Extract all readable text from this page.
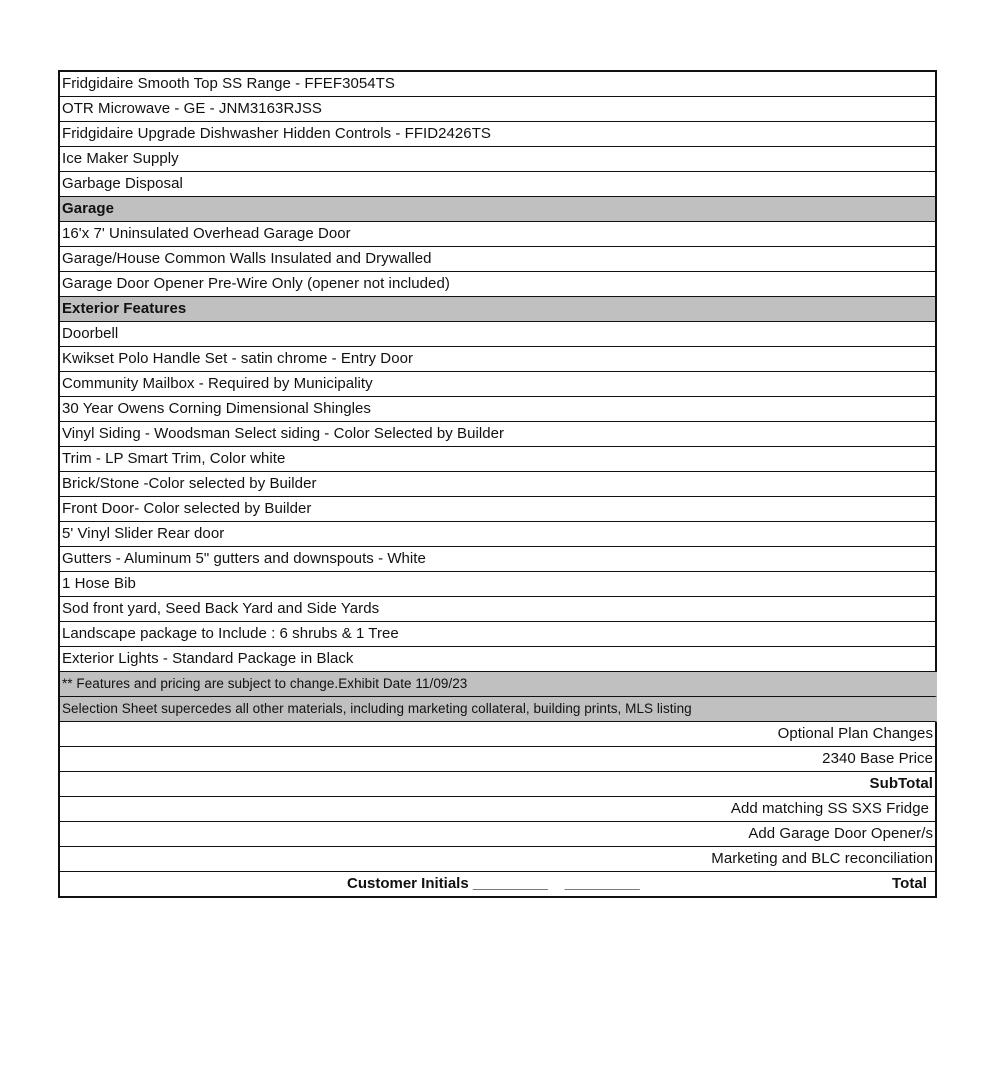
Fridgidaire Smooth Top SS Range - FFEF3054TS
OTR Microwave - GE - JNM3163RJSS
Fridgidaire Upgrade Dishwasher Hidden Controls - FFID2426TS
Ice Maker Supply
Garbage Disposal
Garage
16'x 7' Uninsulated Overhead Garage Door
Garage/House Common Walls Insulated and Drywalled
Garage Door Opener Pre-Wire Only (opener not included)
Exterior Features
Doorbell
Kwikset Polo Handle Set - satin chrome - Entry Door
Community Mailbox - Required by Municipality
30 Year Owens Corning Dimensional Shingles
Vinyl Siding - Woodsman Select siding - Color Selected by Builder
Trim - LP Smart Trim, Color white
Brick/Stone -Color selected by Builder
Front Door- Color selected by Builder
5' Vinyl Slider Rear door
Gutters - Aluminum 5" gutters and downspouts - White
1 Hose Bib
Sod front yard, Seed Back Yard and Side Yards
Landscape package to Include : 6 shrubs & 1 Tree
Exterior Lights - Standard Package in Black
** Features and pricing are subject to change.Exhibit Date 11/09/23
Selection Sheet supercedes all other materials, including marketing collateral, building prints, MLS listing
Optional Plan Changes
2340 Base Price
SubTotal
Add matching SS SXS Fridge
Add Garage Door Opener/s
Marketing and BLC reconciliation
Customer Initials _________    _________	Total
